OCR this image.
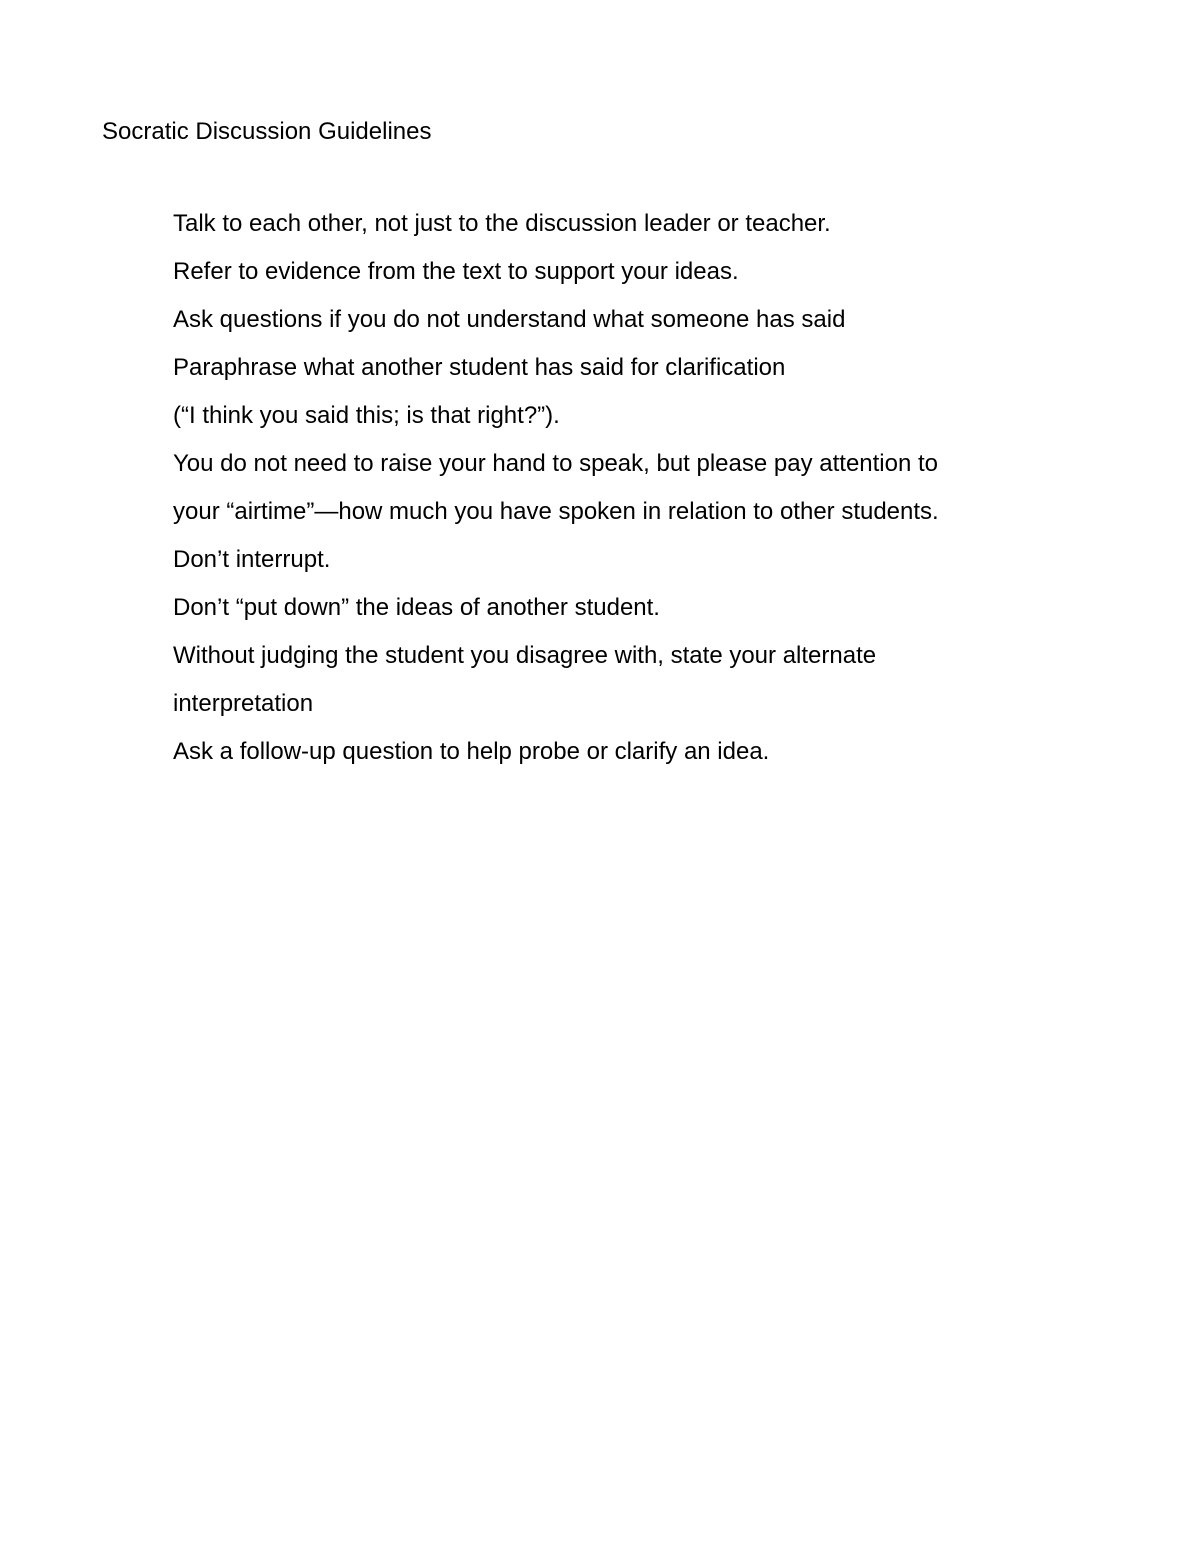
Socratic Discussion Guidelines
Talk to each other, not just to the discussion leader or teacher.
Refer to evidence from the text to support your ideas.
Ask questions if you do not understand what someone has said
Paraphrase what another student has said for clarification
(“I think you said this; is that right?”).
You do not need to raise your hand to speak, but please pay attention to
your “airtime”—how much you have spoken in relation to other students.
Don’t interrupt.
Don’t “put down” the ideas of another student.
Without judging the student you disagree with, state your alternate
interpretation
Ask a follow-up question to help probe or clarify an idea.
